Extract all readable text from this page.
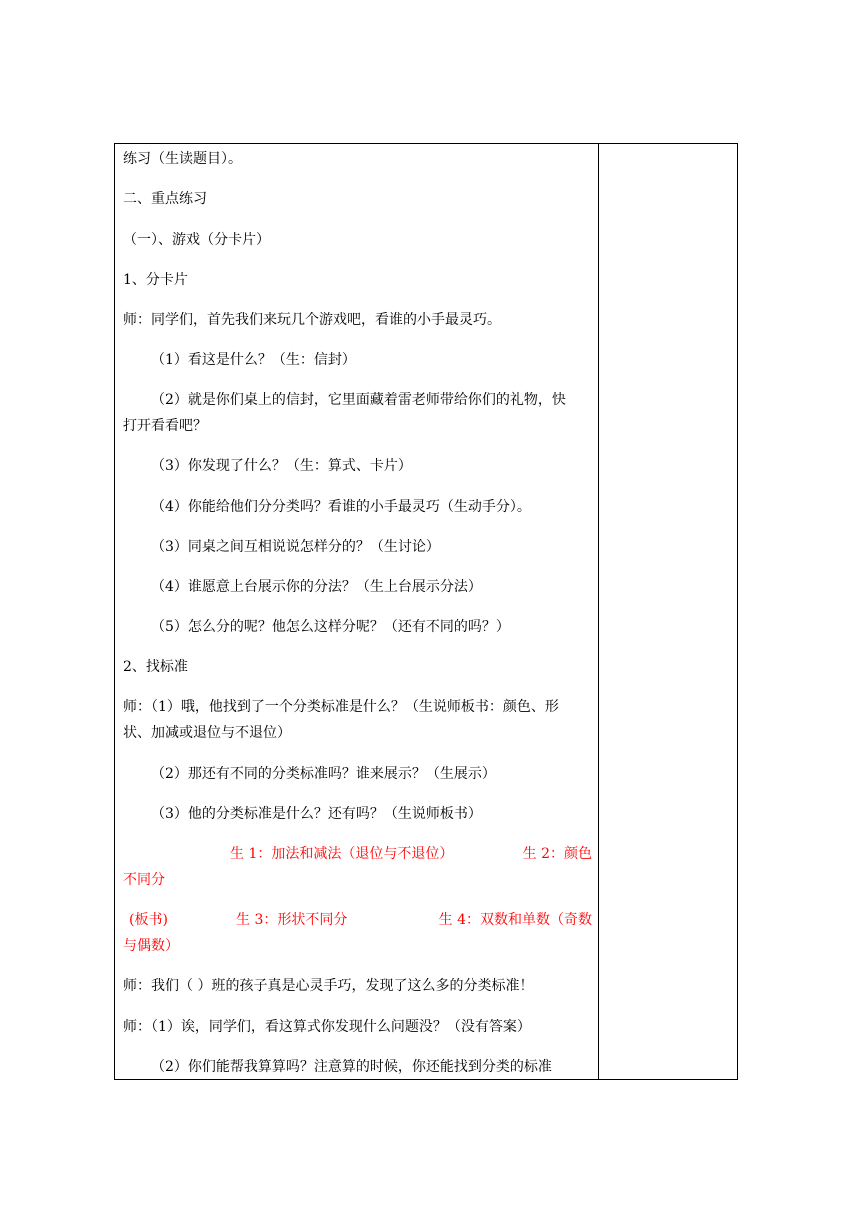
练习（生读题目）。
二、重点练习
（一）、游戏（分卡片）
1、分卡片
师：同学们，首先我们来玩几个游戏吧，看谁的小手最灵巧。
（1）看这是什么？（生：信封）
（2）就是你们桌上的信封，它里面藏着雷老师带给你们的礼物，快
打开看看吧？
（3）你发现了什么？（生：算式、卡片）
（4）你能给他们分分类吗？看谁的小手最灵巧（生动手分）。
（3）同桌之间互相说说怎样分的？（生讨论）
（4）谁愿意上台展示你的分法？（生上台展示分法）
（5）怎么分的呢？他怎么这样分呢？（还有不同的吗？）
2、找标准
师：（1）哦，他找到了一个分类标准是什么？（生说师板书：颜色、形
状、加减或退位与不退位）
（2）那还有不同的分类标准吗？谁来展示？（生展示）
（3）他的分类标准是什么？还有吗？（生说师板书）
生 1：加法和减法（退位与不退位）	生 2：颜色
不同分
(板书)	生 3：形状不同分	生 4：双数和单数（奇数
与偶数）
师：我们（ ）班的孩子真是心灵手巧，发现了这么多的分类标准！
师：（1）诶，同学们，看这算式你发现什么问题没？（没有答案）
（2）你们能帮我算算吗？注意算的时候，你还能找到分类的标准
